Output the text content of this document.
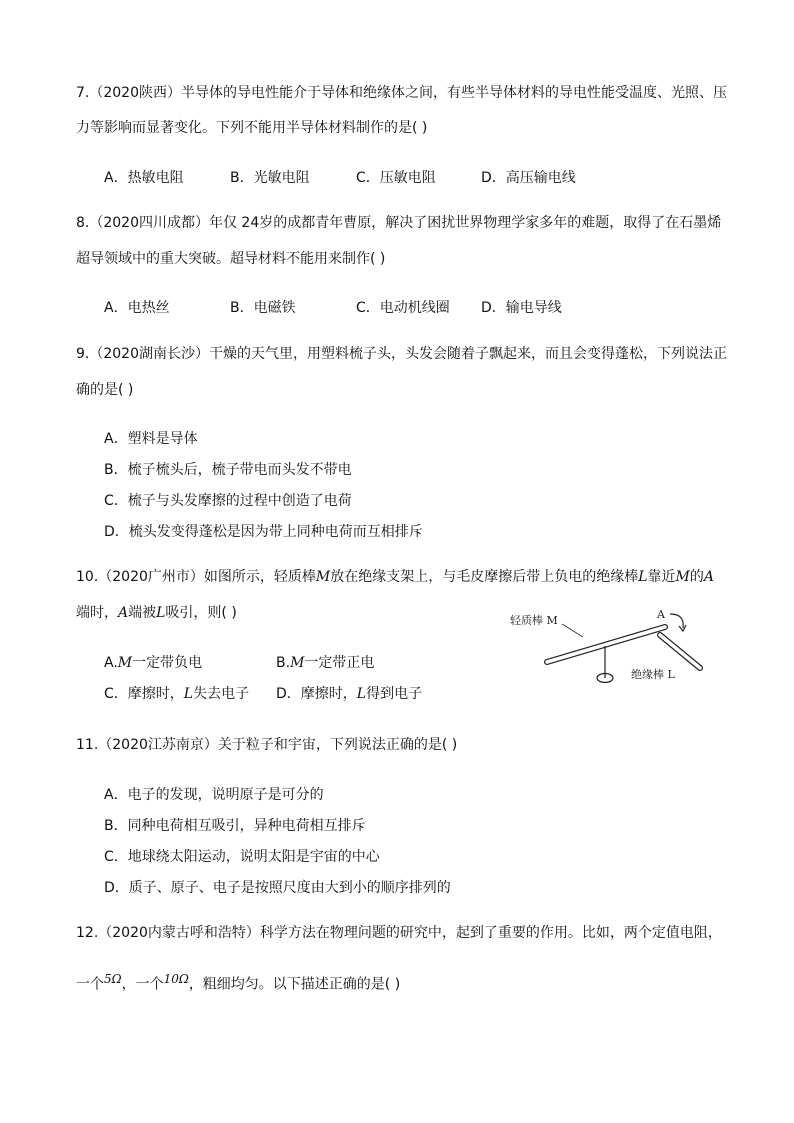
7.（2020陕西）半导体的导电性能介于导体和绝缘体之间，有些半导体材料的导电性能受温度、光照、压
力等影响而显著变化。下列不能用半导体材料制作的是( )
A．热敏电阻	B．光敏电阻	C．压敏电阻	D．高压输电线
8.（2020四川成都）年仅 24岁的成都青年曹原，解决了困扰世界物理学家多年的难题，取得了在石墨烯
超导领域中的重大突破。超导材料不能用来制作( )
A．电热丝	B．电磁铁	C．电动机线圈 D．输电导线
9.（2020湖南长沙）干燥的天气里，用塑料梳子头，头发会随着子飘起来，而且会变得蓬松，下列说法正
确的是( )
A．塑料是导体
B．梳子梳头后，梳子带电而头发不带电
C．梳子与头发摩擦的过程中创造了电荷
D．梳头发变得蓬松是因为带上同种电荷而互相排斥
10.（2020广州市）如图所示，轻质棒M放在绝缘支架上，与毛皮摩擦后带上负电的绝缘棒L靠近M的A
端时，A端被L吸引，则( )
A.M一定带负电	B.M一定带正电
C．摩擦时，L失去电子 D．摩擦时，L得到电子
轻质棒 M	A
绝缘棒 L
11.（2020江苏南京）关于粒子和宇宙，下列说法正确的是( )
A．电子的发现，说明原子是可分的
B．同种电荷相互吸引，异种电荷相互排斥
C．地球绕太阳运动，说明太阳是宇宙的中心
D．质子、原子、电子是按照尺度由大到小的顺序排列的
12.（2020内蒙古呼和浩特）科学方法在物理问题的研究中，起到了重要的作用。比如，两个定值电阻，
一个$^{5\Omega}$，一个$^{10\Omega}$，粗细均匀。以下描述正确的是( )
